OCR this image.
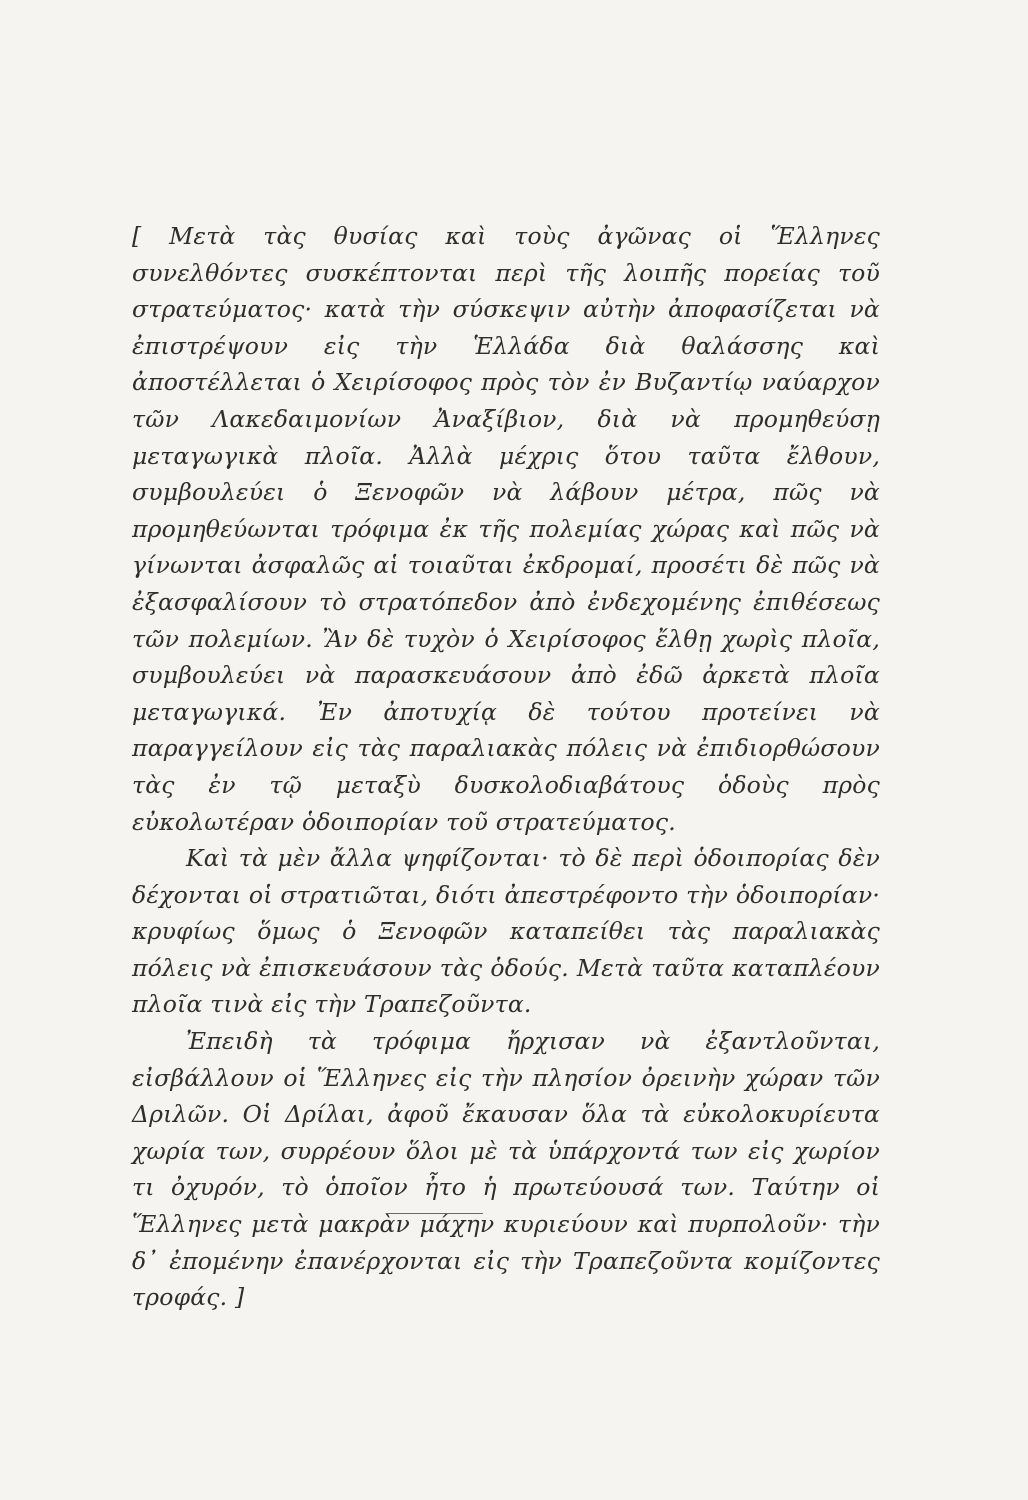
[ Μετὰ τὰς θυσίας καὶ τοὺς ἀγῶνας οἱ Ἕλληνες συνελθόντες συσκέπτονται περὶ τῆς λοιπῆς πορείας τοῦ στρατεύματος· κατὰ τὴν σύσκεψιν αὐτὴν ἀποφασίζεται νὰ ἐπιστρέψουν εἰς τὴν Ἑλλάδα διὰ θαλάσσης καὶ ἀποστέλλεται ὁ Χειρίσοφος πρὸς τὸν ἐν Βυζαντίῳ ναύαρχον τῶν Λακεδαιμονίων Ἀναξίβιον, διὰ νὰ προμηθεύσῃ μεταγωγικὰ πλοῖα. Ἀλλὰ μέχρις ὅτου ταῦτα ἔλθουν, συμβουλεύει ὁ Ξενοφῶν νὰ λάβουν μέτρα, πῶς νὰ προμηθεύωνται τρόφιμα ἐκ τῆς πολεμίας χώρας καὶ πῶς νὰ γίνωνται ἀσφαλῶς αἱ τοιαῦται ἐκδρομαί, προσέτι δὲ πῶς νὰ ἐξασφαλίσουν τὸ στρατόπεδον ἀπὸ ἐνδεχομένης ἐπιθέσεως τῶν πολεμίων. Ἂν δὲ τυχὸν ὁ Χειρίσοφος ἔλθῃ χωρὶς πλοῖα, συμβουλεύει νὰ παρασκευάσουν ἀπὸ ἐδῶ ἀρκετὰ πλοῖα μεταγωγικά. Ἐν ἀποτυχίᾳ δὲ τούτου προτείνει νὰ παραγγείλουν εἰς τὰς παραλιακὰς πόλεις νὰ ἐπιδιορθώσουν τὰς ἐν τῷ μεταξὺ δυσκολοδιαβάτους ὁδοὺς πρὸς εὐκολωτέραν ὁδοιπορίαν τοῦ στρατεύματος.

Καὶ τὰ μὲν ἄλλα ψηφίζονται· τὸ δὲ περὶ ὁδοιπορίας δὲν δέχονται οἱ στρατιῶται, διότι ἀπεστρέφοντο τὴν ὁδοιπορίαν· κρυφίως ὅμως ὁ Ξενοφῶν καταπείθει τὰς παραλιακὰς πόλεις νὰ ἐπισκευάσουν τὰς ὁδούς. Μετὰ ταῦτα καταπλέουν πλοῖα τινὰ εἰς τὴν Τραπεζοῦντα.

Ἐπειδὴ τὰ τρόφιμα ἤρχισαν νὰ ἐξαντλοῦνται, εἰσβάλλουν οἱ Ἕλληνες εἰς τὴν πλησίον ὀρεινὴν χώραν τῶν Δριλῶν. Οἱ Δρίλαι, ἀφοῦ ἔκαυσαν ὅλα τὰ εὐκολοκυρίευτα χωρία των, συρρέουν ὅλοι μὲ τὰ ὑπάρχοντά των εἰς χωρίον τι ὀχυρόν, τὸ ὁποῖον ἦτο ἡ πρωτεύουσά των. Ταύτην οἱ Ἕλληνες μετὰ μακρὰν μάχην κυριεύουν καὶ πυρπολοῦν· τὴν δ᾽ ἐπομένην ἐπανέρχονται εἰς τὴν Τραπεζοῦντα κομίζοντες τροφάς. ]
